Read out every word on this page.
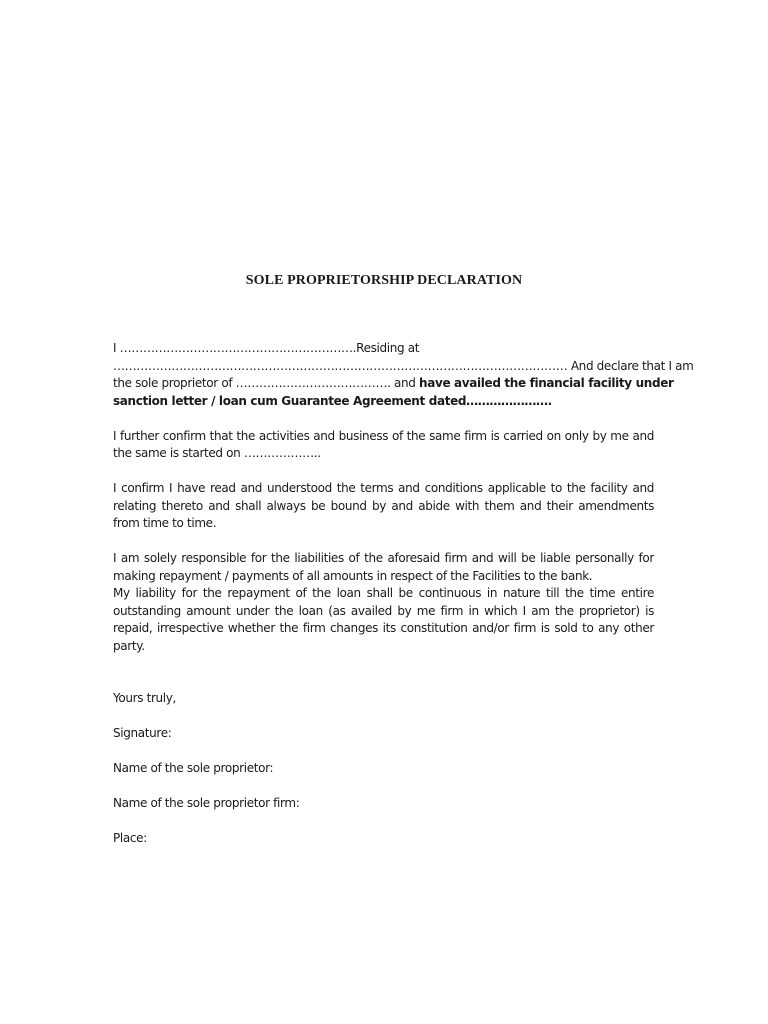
SOLE PROPRIETORSHIP DECLARATION

I …………………………………………………….Residing at

……………………………………………………………………………………………………… And declare that I am

the sole proprietor of …………………………………. and have availed the financial facility under

sanction letter / loan cum Guarantee Agreement dated………………….

I further confirm that the activities and business of the same firm is carried on only by me and the same is started on ………………..

I confirm I have read and understood the terms and conditions applicable to the facility and relating thereto and shall always be bound by and abide with them and their amendments from time to time.

I am solely responsible for the liabilities of the aforesaid firm and will be liable personally for making repayment / payments of all amounts in respect of the Facilities to the bank.

My liability for the repayment of the loan shall be continuous in nature till the time entire outstanding amount under the loan (as availed by me firm in which I am the proprietor) is repaid, irrespective whether the firm changes its constitution and/or firm is sold to any other party.

Yours truly,

Signature:

Name of the sole proprietor:

Name of the sole proprietor firm:

Place:
